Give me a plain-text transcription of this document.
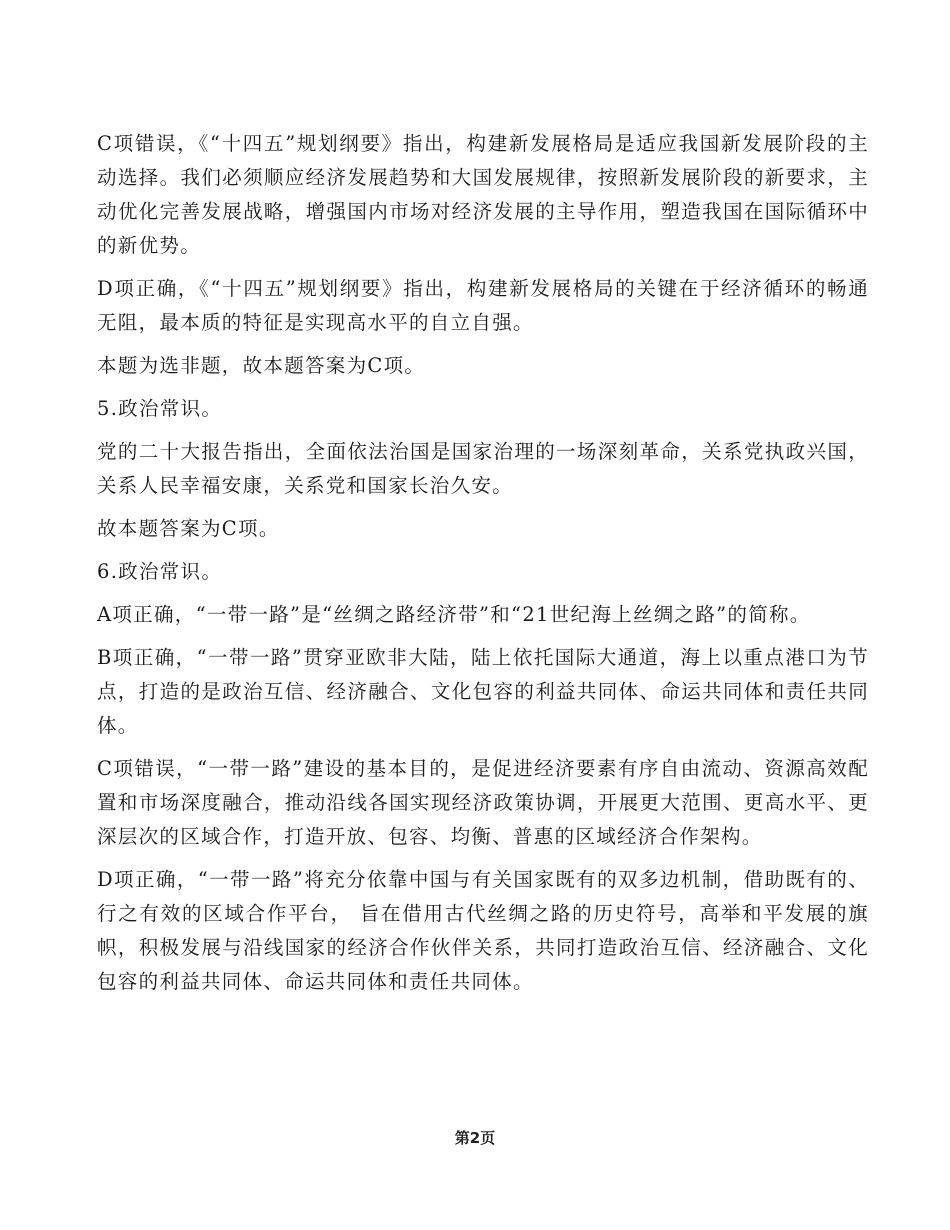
C项错误，《“十四五”规划纲要》指出，构建新发展格局是适应我国新发展阶段的主动选择。我们必须顺应经济发展趋势和大国发展规律，按照新发展阶段的新要求，主动优化完善发展战略，增强国内市场对经济发展的主导作用，塑造我国在国际循环中的新优势。

D项正确，《“十四五”规划纲要》指出，构建新发展格局的关键在于经济循环的畅通无阻，最本质的特征是实现高水平的自立自强。

本题为选非题，故本题答案为C项。

5.政治常识。

党的二十大报告指出，全面依法治国是国家治理的一场深刻革命，关系党执政兴国，关系人民幸福安康，关系党和国家长治久安。

故本题答案为C项。

6.政治常识。

A项正确，“一带一路”是“丝绸之路经济带”和“21世纪海上丝绸之路”的简称。

B项正确，“一带一路”贯穿亚欧非大陆，陆上依托国际大通道，海上以重点港口为节点，打造的是政治互信、经济融合、文化包容的利益共同体、命运共同体和责任共同体。

C项错误，“一带一路”建设的基本目的，是促进经济要素有序自由流动、资源高效配置和市场深度融合，推动沿线各国实现经济政策协调，开展更大范围、更高水平、更深层次的区域合作，打造开放、包容、均衡、普惠的区域经济合作架构。

D项正确，“一带一路”将充分依靠中国与有关国家既有的双多边机制，借助既有的、行之有效的区域合作平台， 旨在借用古代丝绸之路的历史符号，高举和平发展的旗帜，积极发展与沿线国家的经济合作伙伴关系，共同打造政治互信、经济融合、文化包容的利益共同体、命运共同体和责任共同体。

第2页
